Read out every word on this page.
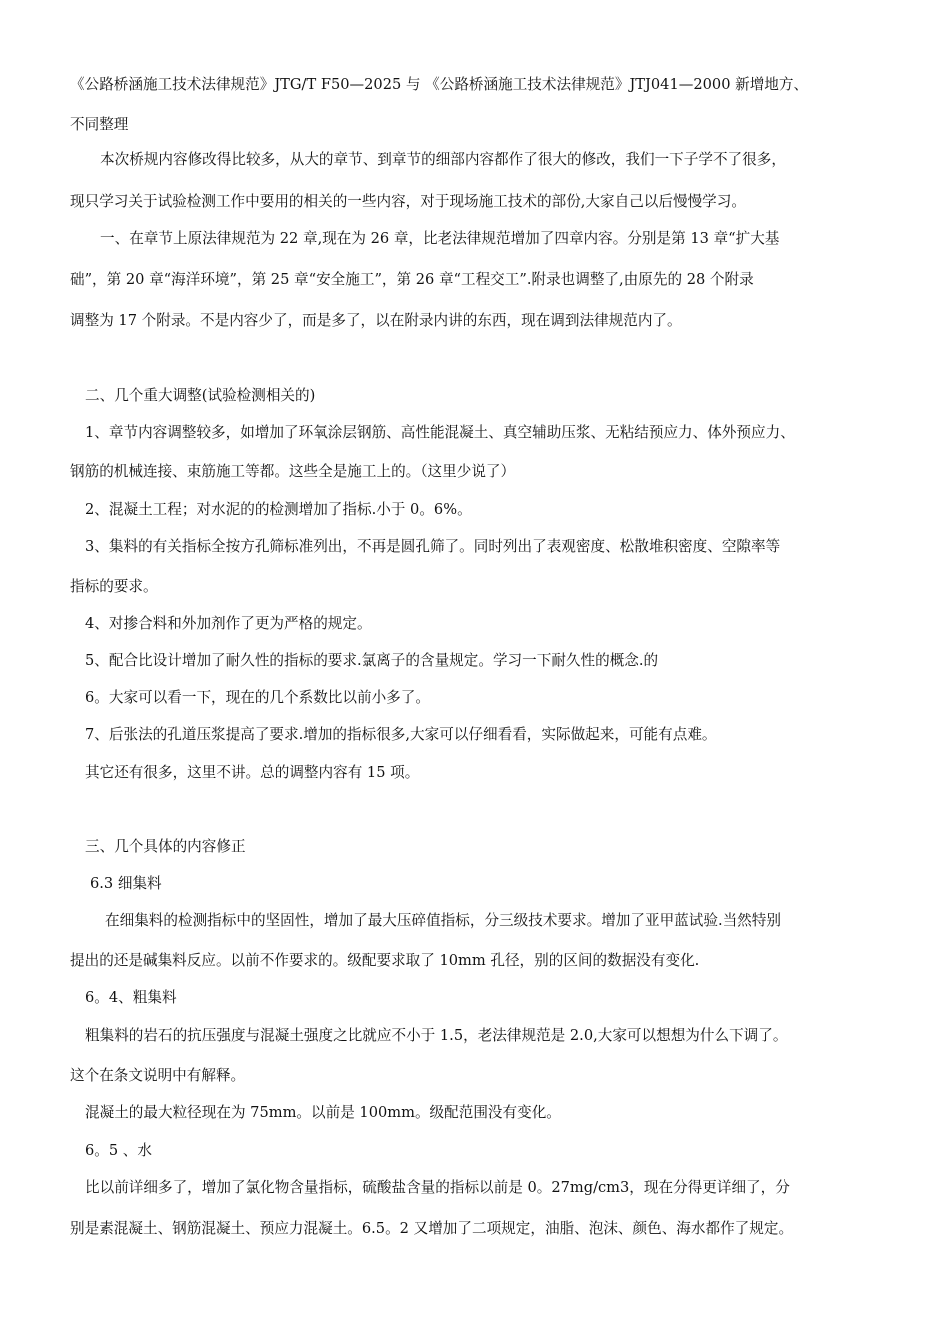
《公路桥涵施工技术法律规范》JTG/T F50—2025 与 《公路桥涵施工技术法律规范》JTJ041—2000 新增地方、
不同整理
本次桥规内容修改得比较多，从大的章节、到章节的细部内容都作了很大的修改，我们一下子学不了很多，
现只学习关于试验检测工作中要用的相关的一些内容，对于现场施工技术的部份,大家自己以后慢慢学习。
一、在章节上原法律规范为 22 章,现在为 26 章，比老法律规范增加了四章内容。分别是第 13 章“扩大基
础”，第 20 章“海洋环境”，第 25 章“安全施工”，第 26 章“工程交工”.附录也调整了,由原先的 28 个附录
调整为 17 个附录。不是内容少了，而是多了，以在附录内讲的东西，现在调到法律规范内了。
二、几个重大调整(试验检测相关的)
1、章节内容调整较多，如增加了环氧涂层钢筋、高性能混凝土、真空辅助压浆、无粘结预应力、体外预应力、
钢筋的机械连接、束筋施工等都。这些全是施工上的。（这里少说了）
2、混凝土工程；对水泥的的检测增加了指标.小于 0。6%。
3、集料的有关指标全按方孔筛标准列出，不再是圆孔筛了。同时列出了表观密度、松散堆积密度、空隙率等
指标的要求。
4、对掺合料和外加剂作了更为严格的规定。
5、配合比设计增加了耐久性的指标的要求.氯离子的含量规定。学习一下耐久性的概念.的
6。大家可以看一下，现在的几个系数比以前小多了。
7、后张法的孔道压浆提高了要求.增加的指标很多,大家可以仔细看看，实际做起来，可能有点难。
其它还有很多，这里不讲。总的调整内容有 15 项。
三、几个具体的内容修正
6.3 细集料
在细集料的检测指标中的坚固性，增加了最大压碎值指标，分三级技术要求。增加了亚甲蓝试验.当然特别
提出的还是碱集料反应。以前不作要求的。级配要求取了 10mm 孔径，别的区间的数据没有变化.
6。4、粗集料
粗集料的岩石的抗压强度与混凝土强度之比就应不小于 1.5，老法律规范是 2.0,大家可以想想为什么下调了。
这个在条文说明中有解释。
混凝土的最大粒径现在为 75mm。以前是 100mm。级配范围没有变化。
6。5 、水
比以前详细多了，增加了氯化物含量指标，硫酸盐含量的指标以前是 0。27mg/cm3，现在分得更详细了，分
别是素混凝土、钢筋混凝土、预应力混凝土。6.5。2 又增加了二项规定，油脂、泡沫、颜色、海水都作了规定。
